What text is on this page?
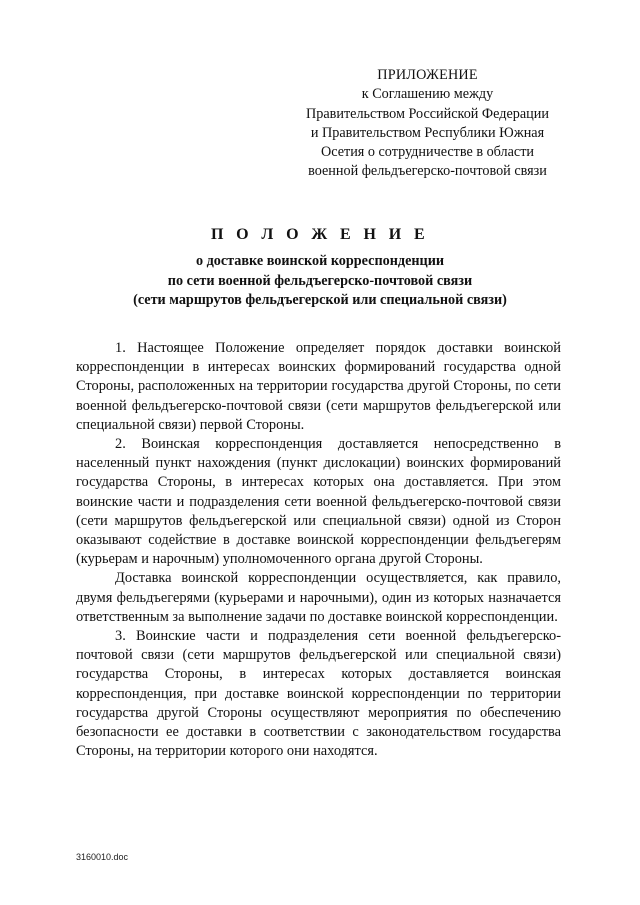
ПРИЛОЖЕНИЕ
к Соглашению между
Правительством Российской Федерации
и Правительством Республики Южная
Осетия о сотрудничестве в области
военной фельдъегерско-почтовой связи
П О Л О Ж Е Н И Е
о доставке воинской корреспонденции
по сети военной фельдъегерско-почтовой связи
(сети маршрутов фельдъегерской или специальной связи)

1. Настоящее Положение определяет порядок доставки воинской корреспонденции в интересах воинских формирований государства одной Стороны, расположенных на территории государства другой Стороны, по сети военной фельдъегерско-почтовой связи (сети маршрутов фельдъегерской или специальной связи) первой Стороны.

2. Воинская корреспонденция доставляется непосредственно в населенный пункт нахождения (пункт дислокации) воинских формирований государства Стороны, в интересах которых она доставляется. При этом воинские части и подразделения сети военной фельдъегерско-почтовой связи (сети маршрутов фельдъегерской или специальной связи) одной из Сторон оказывают содействие в доставке воинской корреспонденции фельдъегерям (курьерам и нарочным) уполномоченного органа другой Стороны.

Доставка воинской корреспонденции осуществляется, как правило, двумя фельдъегерями (курьерами и нарочными), один из которых назначается ответственным за выполнение задачи по доставке воинской корреспонденции.

3. Воинские части и подразделения сети военной фельдъегерско-почтовой связи (сети маршрутов фельдъегерской или специальной связи) государства Стороны, в интересах которых доставляется воинская корреспонденция, при доставке воинской корреспонденции по территории государства другой Стороны осуществляют мероприятия по обеспечению безопасности ее доставки в соответствии с законодательством государства Стороны, на территории которого они находятся.

3160010.doc
